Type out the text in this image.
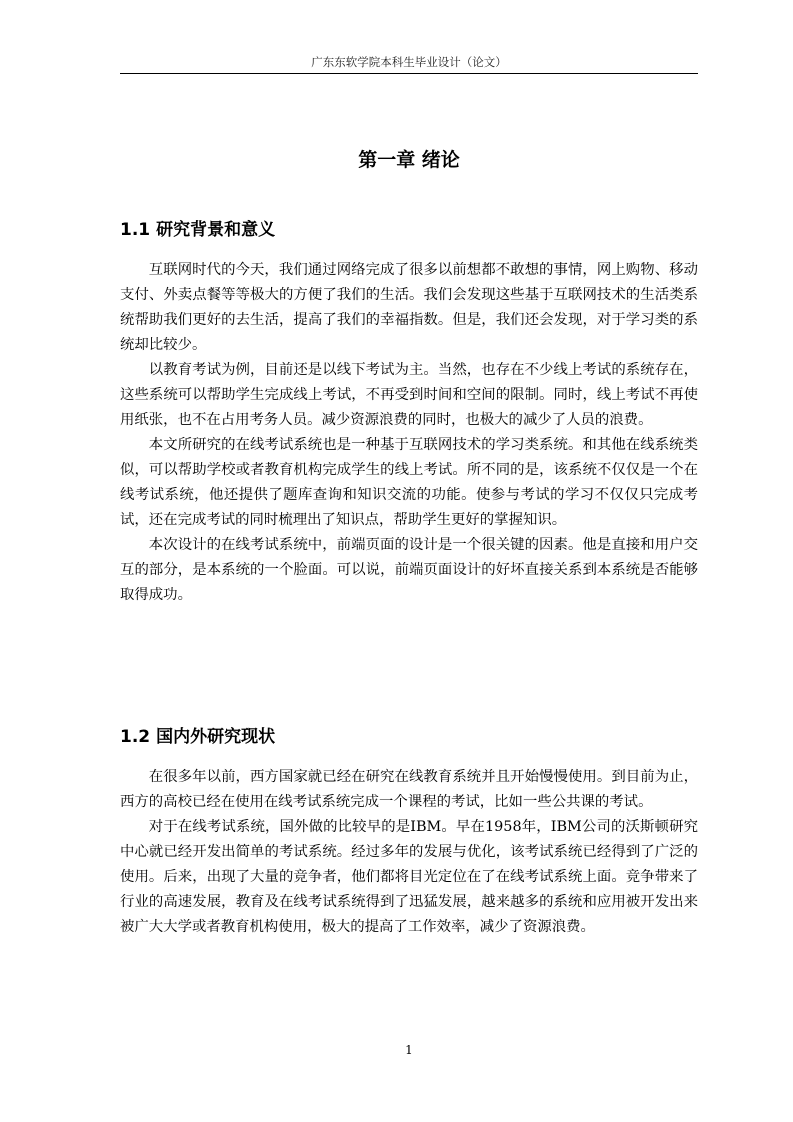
广东东软学院本科生毕业设计（论文）
第一章 绪论
1.1 研究背景和意义

互联网时代的今天，我们通过网络完成了很多以前想都不敢想的事情，网上购物、移动支付、外卖点餐等等极大的方便了我们的生活。我们会发现这些基于互联网技术的生活类系统帮助我们更好的去生活，提高了我们的幸福指数。但是，我们还会发现，对于学习类的系统却比较少。

以教育考试为例，目前还是以线下考试为主。当然，也存在不少线上考试的系统存在，这些系统可以帮助学生完成线上考试，不再受到时间和空间的限制。同时，线上考试不再使用纸张，也不在占用考务人员。减少资源浪费的同时，也极大的减少了人员的浪费。

本文所研究的在线考试系统也是一种基于互联网技术的学习类系统。和其他在线系统类似，可以帮助学校或者教育机构完成学生的线上考试。所不同的是，该系统不仅仅是一个在线考试系统，他还提供了题库查询和知识交流的功能。使参与考试的学习不仅仅只完成考试，还在完成考试的同时梳理出了知识点，帮助学生更好的掌握知识。

本次设计的在线考试系统中，前端页面的设计是一个很关键的因素。他是直接和用户交互的部分，是本系统的一个脸面。可以说，前端页面设计的好坏直接关系到本系统是否能够取得成功。

1.2 国内外研究现状

在很多年以前，西方国家就已经在研究在线教育系统并且开始慢慢使用。到目前为止，西方的高校已经在使用在线考试系统完成一个课程的考试，比如一些公共课的考试。

对于在线考试系统，国外做的比较早的是IBM。早在1958年，IBM公司的沃斯顿研究中心就已经开发出简单的考试系统。经过多年的发展与优化，该考试系统已经得到了广泛的使用。后来，出现了大量的竞争者，他们都将目光定位在了在线考试系统上面。竞争带来了行业的高速发展，教育及在线考试系统得到了迅猛发展，越来越多的系统和应用被开发出来被广大大学或者教育机构使用，极大的提高了工作效率，减少了资源浪费。

1
